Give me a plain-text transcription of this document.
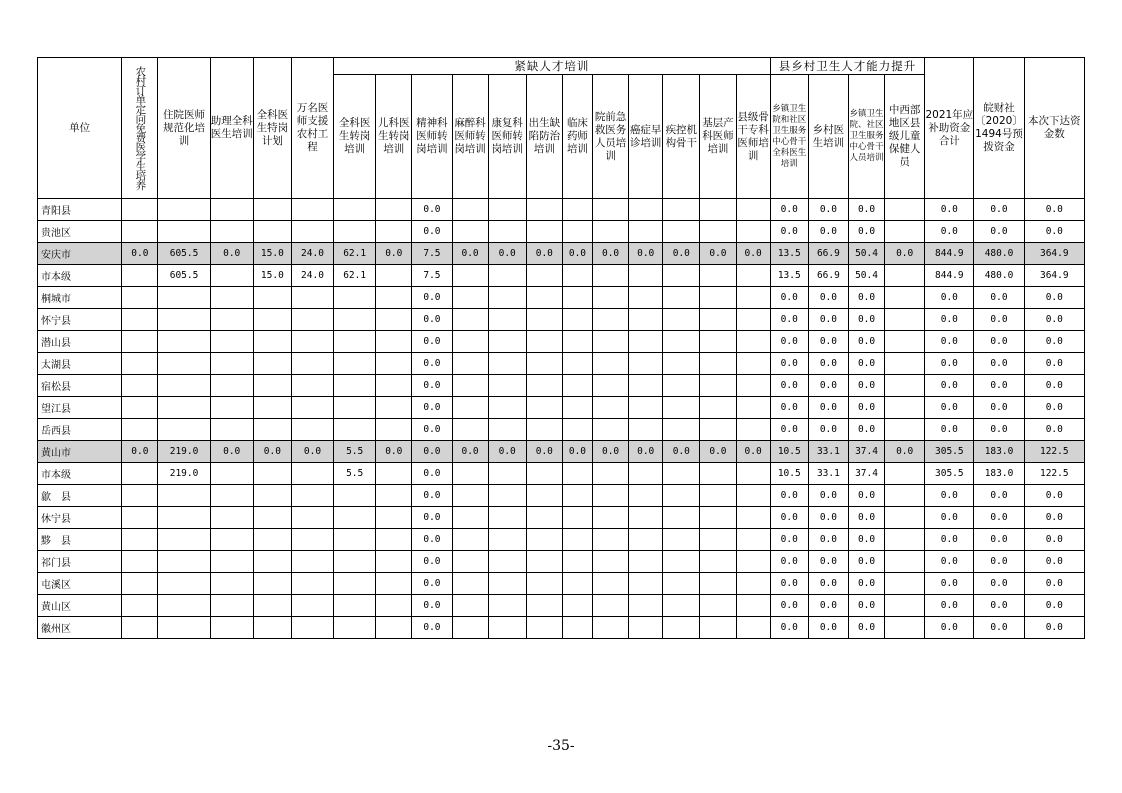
单位	农村订单定向免费医学生培养	住院医师规范化培训	助理全科医生培训	全科医生特岗计划	万名医师支援农村工程	紧缺人才培训												县乡村卫生人才能力提升				2021年应补助资金合计	皖财社〔2020〕1494号预拨资金	本次下达资金数
						全科医生转岗培训	儿科医生转岗培训	精神科医师转岗培训	麻醉科医师转岗培训	康复科医师转岗培训	出生缺陷防治培训	临床药师培训	院前急救医务人员培训	癌症早诊培训	疾控机构骨干	基层产科医师培训	县级骨干专科医师培训	乡镇卫生院和社区卫生服务中心骨干全科医生培训	乡村医生培训	乡镇卫生院、社区卫生服务中心骨干人员培训	中西部地区县级儿童保健人员			
青阳县								0.0										0.0	0.0	0.0		0.0	0.0	0.0
贵池区								0.0										0.0	0.0	0.0		0.0	0.0	0.0
安庆市	0.0	605.5	0.0	15.0	24.0	62.1	0.0	7.5	0.0	0.0	0.0	0.0	0.0	0.0	0.0	0.0	0.0	13.5	66.9	50.4	0.0	844.9	480.0	364.9
市本级		605.5		15.0	24.0	62.1		7.5										13.5	66.9	50.4		844.9	480.0	364.9
桐城市								0.0										0.0	0.0	0.0		0.0	0.0	0.0
怀宁县								0.0										0.0	0.0	0.0		0.0	0.0	0.0
潜山县								0.0										0.0	0.0	0.0		0.0	0.0	0.0
太湖县								0.0										0.0	0.0	0.0		0.0	0.0	0.0
宿松县								0.0										0.0	0.0	0.0		0.0	0.0	0.0
望江县								0.0										0.0	0.0	0.0		0.0	0.0	0.0
岳西县								0.0										0.0	0.0	0.0		0.0	0.0	0.0
黄山市	0.0	219.0	0.0	0.0	0.0	5.5	0.0	0.0	0.0	0.0	0.0	0.0	0.0	0.0	0.0	0.0	0.0	10.5	33.1	37.4	0.0	305.5	183.0	122.5
市本级		219.0				5.5		0.0										10.5	33.1	37.4		305.5	183.0	122.5
歙　县								0.0										0.0	0.0	0.0		0.0	0.0	0.0
休宁县								0.0										0.0	0.0	0.0		0.0	0.0	0.0
黟　县								0.0										0.0	0.0	0.0		0.0	0.0	0.0
祁门县								0.0										0.0	0.0	0.0		0.0	0.0	0.0
屯溪区								0.0										0.0	0.0	0.0		0.0	0.0	0.0
黄山区								0.0										0.0	0.0	0.0		0.0	0.0	0.0
徽州区								0.0										0.0	0.0	0.0		0.0	0.0	0.0
-35-
